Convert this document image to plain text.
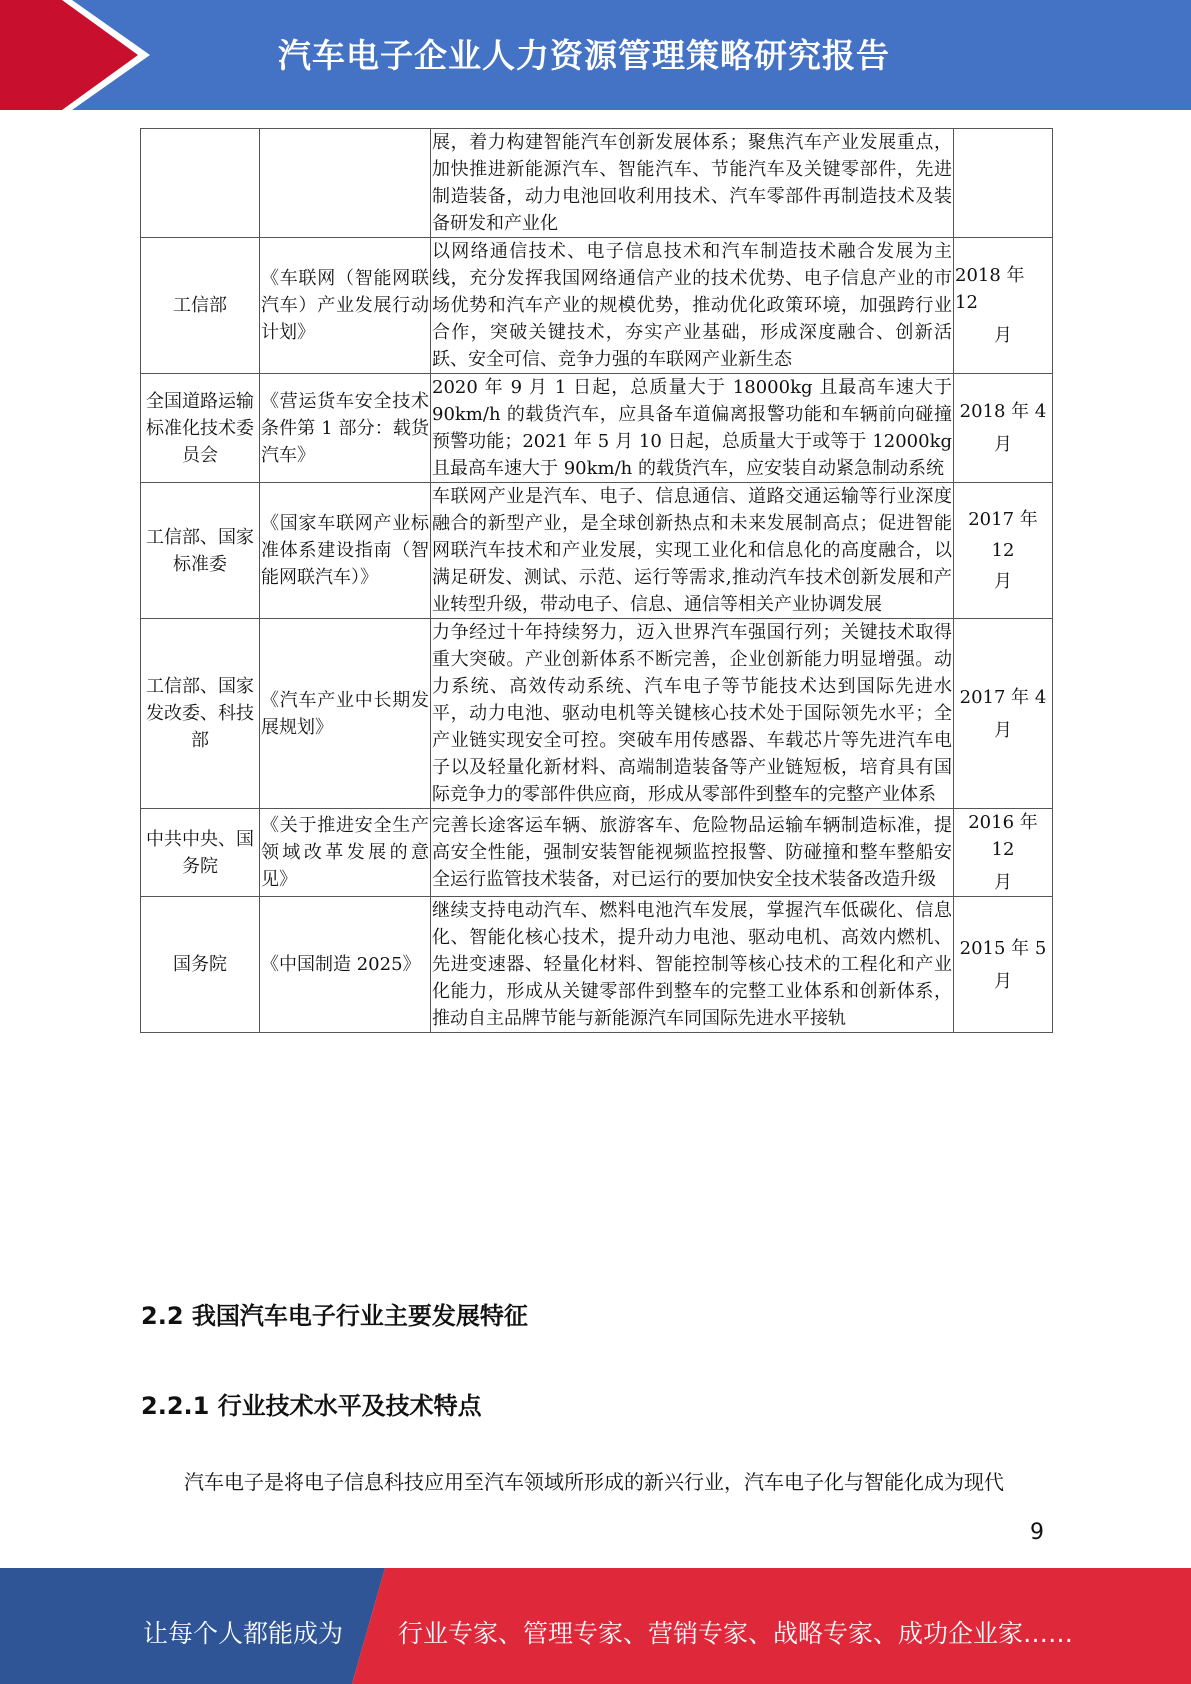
汽车电子企业人力资源管理策略研究报告
		展，着力构建智能汽车创新发展体系；聚焦汽车产业发展重点，加快推进新能源汽车、智能汽车、节能汽车及关键零部件，先进制造装备，动力电池回收利用技术、汽车零部件再制造技术及装备研发和产业化	

工信部	《车联网（智能网联汽车）产业发展行动计划》	以网络通信技术、电子信息技术和汽车制造技术融合发展为主线，充分发挥我国网络通信产业的技术优势、电子信息产业的市场优势和汽车产业的规模优势，推动优化政策环境，加强跨行业合作，突破关键技术，夯实产业基础，形成深度融合、创新活跃、安全可信、竞争力强的车联网产业新生态	2018 年
12
月

全国道路运输标准化技术委员会	《营运货车安全技术条件第 1 部分：载货汽车》	2020 年 9 月 1 日起，总质量大于 18000kg 且最高车速大于 90km/h 的载货汽车，应具备车道偏离报警功能和车辆前向碰撞预警功能；2021 年 5 月 10 日起，总质量大于或等于 12000kg 且最高车速大于 90km/h 的载货汽车，应安装自动紧急制动系统	2018 年 4
月

工信部、国家标准委	《国家车联网产业标准体系建设指南（智能网联汽车）》	车联网产业是汽车、电子、信息通信、道路交通运输等行业深度融合的新型产业，是全球创新热点和未来发展制高点；促进智能网联汽车技术和产业发展，实现工业化和信息化的高度融合，以满足研发、测试、示范、运行等需求,推动汽车技术创新发展和产业转型升级，带动电子、信息、通信等相关产业协调发展	2017 年
12
月

工信部、国家发改委、科技部	《汽车产业中长期发展规划》	力争经过十年持续努力，迈入世界汽车强国行列；关键技术取得重大突破。产业创新体系不断完善，企业创新能力明显增强。动力系统、高效传动系统、汽车电子等节能技术达到国际先进水平，动力电池、驱动电机等关键核心技术处于国际领先水平；全产业链实现安全可控。突破车用传感器、车载芯片等先进汽车电子以及轻量化新材料、高端制造装备等产业链短板，培育具有国际竞争力的零部件供应商，形成从零部件到整车的完整产业体系	2017 年 4
月

中共中央、国务院	《关于推进安全生产领域改革发展的意见》	完善长途客运车辆、旅游客车、危险物品运输车辆制造标准，提高安全性能，强制安装智能视频监控报警、防碰撞和整车整船安全运行监管技术装备，对已运行的要加快安全技术装备改造升级	2016 年 12
月

国务院	《中国制造 2025》	继续支持电动汽车、燃料电池汽车发展，掌握汽车低碳化、信息化、智能化核心技术，提升动力电池、驱动电机、高效内燃机、先进变速器、轻量化材料、智能控制等核心技术的工程化和产业化能力，形成从关键零部件到整车的完整工业体系和创新体系，推动自主品牌节能与新能源汽车同国际先进水平接轨	2015 年 5
月
2.2 我国汽车电子行业主要发展特征
2.2.1 行业技术水平及技术特点
汽车电子是将电子信息科技应用至汽车领域所形成的新兴行业，汽车电子化与智能化成为现代
9
让每个人都能成为 行业专家、管理专家、营销专家、战略专家、成功企业家……
